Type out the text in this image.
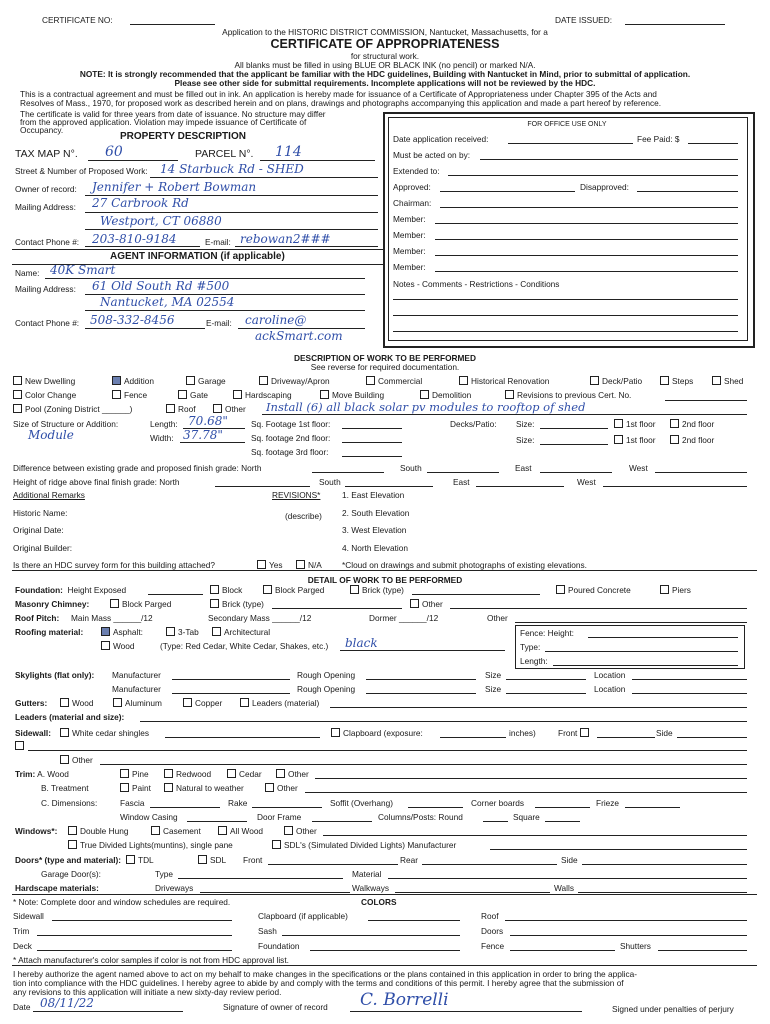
CERTIFICATE NO:	DATE ISSUED:
Application to the HISTORIC DISTRICT COMMISSION, Nantucket, Massachusetts, for a
CERTIFICATE OF APPROPRIATENESS
for structural work.
All blanks must be filled in using BLUE OR BLACK INK (no pencil) or marked N/A.
NOTE: It is strongly recommended that the applicant be familiar with the HDC guidelines, Building with Nantucket in Mind, prior to submittal of application.
Please see other side for submittal requirements. Incomplete applications will not be reviewed by the HDC.
This is a contractual agreement and must be filled out in ink. An application is hereby made for issuance of a Certificate of Appropriateness under Chapter 395 of the Acts and
Resolves of Mass., 1970, for proposed work as described herein and on plans, drawings and photographs accompanying this application and made a part hereof by reference.
The certificate is valid for three years from date of issuance. No structure may differ
from the approved application. Violation may impede issuance of Certificate of
Occupancy.
PROPERTY DESCRIPTION
TAX MAP N°. 60	PARCEL N°. 114
Street & Number of Proposed Work: 14 Starbuck Rd - SHED
Owner of record: Jennifer + Robert Bowman
Mailing Address: 27 Carbrook Rd
Westport, CT 06880
Contact Phone #: 203-810-9184	E-mail: rebowan2###
AGENT INFORMATION (if applicable)
Name: 40K Smart
Mailing Address: 61 Old South Rd #500
Nantucket, MA 02554
Contact Phone #: 508-332-8456	E-mail: caroline@
ackSmart.com
FOR OFFICE USE ONLY
Date application received:	Fee Paid: $
Must be acted on by:
Extended to:
Approved:	Disapproved:
Chairman:
Member:
Member:
Member:
Member:
Notes - Comments - Restrictions - Conditions
DESCRIPTION OF WORK TO BE PERFORMED
See reverse for required documentation.
New Dwelling	Addition	Garage	Driveway/Apron	Commercial	Historical Renovation	Deck/Patio	Steps	Shed
Color Change	Fence	Gate	Hardscaping	Move Building	Demolition	Revisions to previous Cert. No.
Pool (Zoning District ______)	Roof	Other Install (6) all black solar pv modules to rooftop of shed
Size of Structure or Addition:
Module
Length: 70.68"
Width: 37.78"
Sq. Footage 1st floor:
Sq. footage 2nd floor:
Sq. footage 3rd floor:
Decks/Patio: Size:	1st floor	2nd floor
Size:	1st floor	2nd floor
Difference between existing grade and proposed finish grade: North	South	East	West
Height of ridge above final finish grade: North	South	East	West
Additional Remarks	REVISIONS*	1. East Elevation
2. South Elevation
3. West Elevation
4. North Elevation
Historic Name:	(describe)
Original Date:
Original Builder:
Is there an HDC survey form for this building attached?	Yes	N/A *Cloud on drawings and submit photographs of existing elevations.
DETAIL OF WORK TO BE PERFORMED
Foundation: Height Exposed	Block	Block Parged	Brick (type)	Poured Concrete	Piers
Masonry Chimney:	Block Parged	Brick (type)	Other
Roof Pitch: Main Mass ______/12	Secondary Mass ______/12	Dormer ______/12	Other
Roofing material:	Asphalt:	3-Tab	Architectural
Wood	(Type: Red Cedar, White Cedar, Shakes, etc.) black
Fence: Height:
Type:
Length:
Skylights (flat only): Manufacturer	Rough Opening	Size	Location
Manufacturer	Rough Opening	Size	Location
Gutters:	Wood	Aluminum	Copper	Leaders (material)
Leaders (material and size):
Sidewall:	White cedar shingles	Clapboard (exposure:	inches)	Front	Side
Other
Trim: A. Wood	Pine	Redwood	Cedar	Other
B. Treatment	Paint	Natural to weather	Other
C. Dimensions:	Fascia	Rake	Soffit (Overhang)	Corner boards	Frieze
Window Casing	Door Frame	Columns/Posts: Round	Square
Windows*:	Double Hung	Casement	All Wood	Other
True Divided Lights(muntins), single pane	SDL's (Simulated Divided Lights) Manufacturer
Doors* (type and material):	TDL	SDL Front	Rear	Side
Garage Door(s):	Type	Material
Hardscape materials:	Driveways	Walkways	Walls
* Note: Complete door and window schedules are required.	COLORS
Sidewall	Clapboard (if applicable)	Roof
Trim	Sash	Doors
Deck	Foundation	Fence	Shutters
* Attach manufacturer's color samples if color is not from HDC approval list.
I hereby authorize the agent named above to act on my behalf to make changes in the specifications or the plans contained in this application in order to bring the applica-
tion into compliance with the HDC guidelines. I hereby agree to abide by and comply with the terms and conditions of this permit. I hereby agree that the submission of
any revisions to this application will initiate a new sixty-day review period.
Date 08/11/22	Signature of owner of record C. Borrelli	Signed under penalties of perjury
